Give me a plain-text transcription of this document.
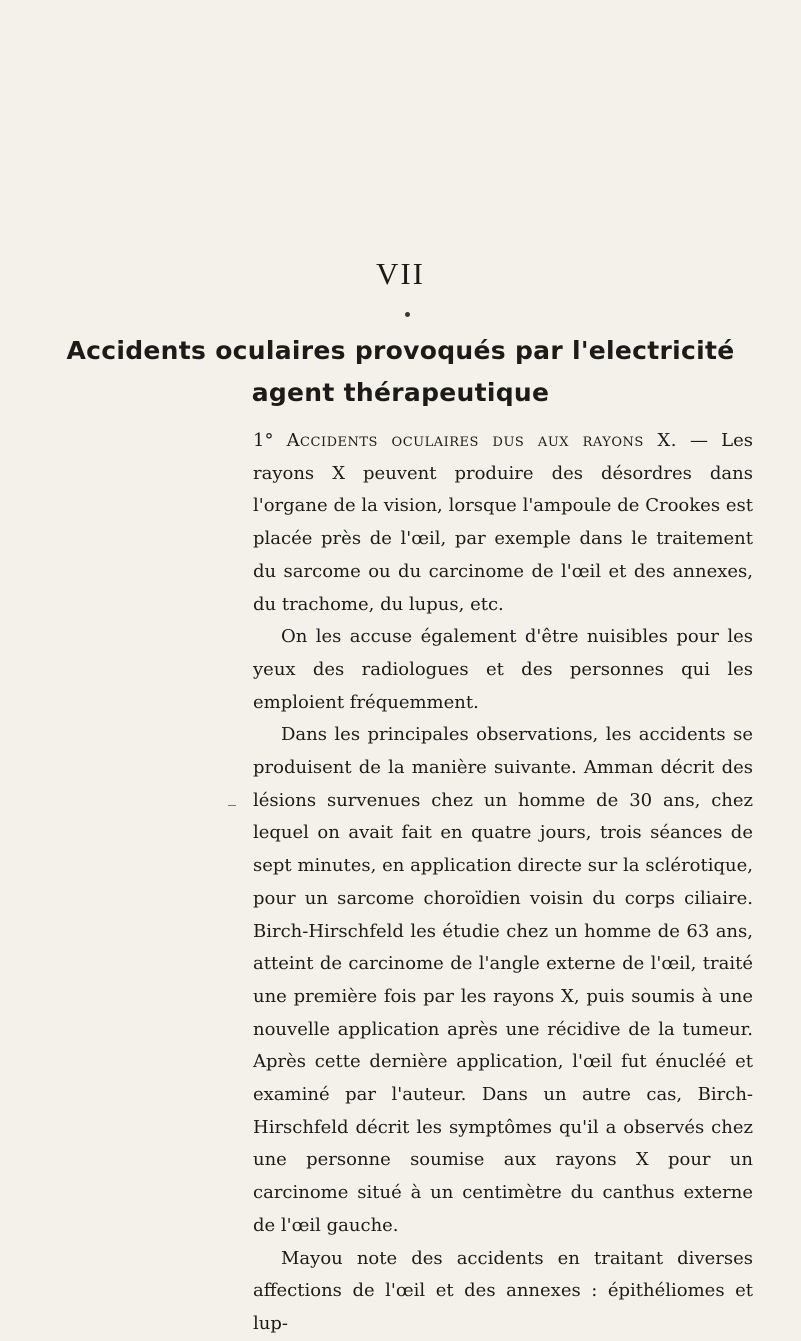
VII
Accidents oculaires provoqués par l'electricité
agent thérapeutique

1° Accidents oculaires dus aux rayons X. — Les rayons X peuvent produire des désordres dans l'organe de la vision, lorsque l'ampoule de Crookes est placée près de l'œil, par exemple dans le traitement du sarcome ou du carcinome de l'œil et des annexes, du trachome, du lupus, etc.

On les accuse également d'être nuisibles pour les yeux des radiologues et des personnes qui les emploient fréquemment.

Dans les principales observations, les accidents se produisent de la manière suivante. Amman décrit des lésions survenues chez un homme de 30 ans, chez lequel on avait fait en quatre jours, trois séances de sept minutes, en application directe sur la sclérotique, pour un sarcome choroïdien voisin du corps ciliaire. Birch-Hirschfeld les étudie chez un homme de 63 ans, atteint de carcinome de l'angle externe de l'œil, traité une première fois par les rayons X, puis soumis à une nouvelle application après une récidive de la tumeur. Après cette dernière application, l'œil fut énucléé et examiné par l'auteur. Dans un autre cas, Birch-Hirschfeld décrit les symptômes qu'il a observés chez une personne soumise aux rayons X pour un carcinome situé à un centimètre du canthus externe de l'œil gauche.

Mayou note des accidents en traitant diverses affections de l'œil et des annexes : épithéliomes et lup-
